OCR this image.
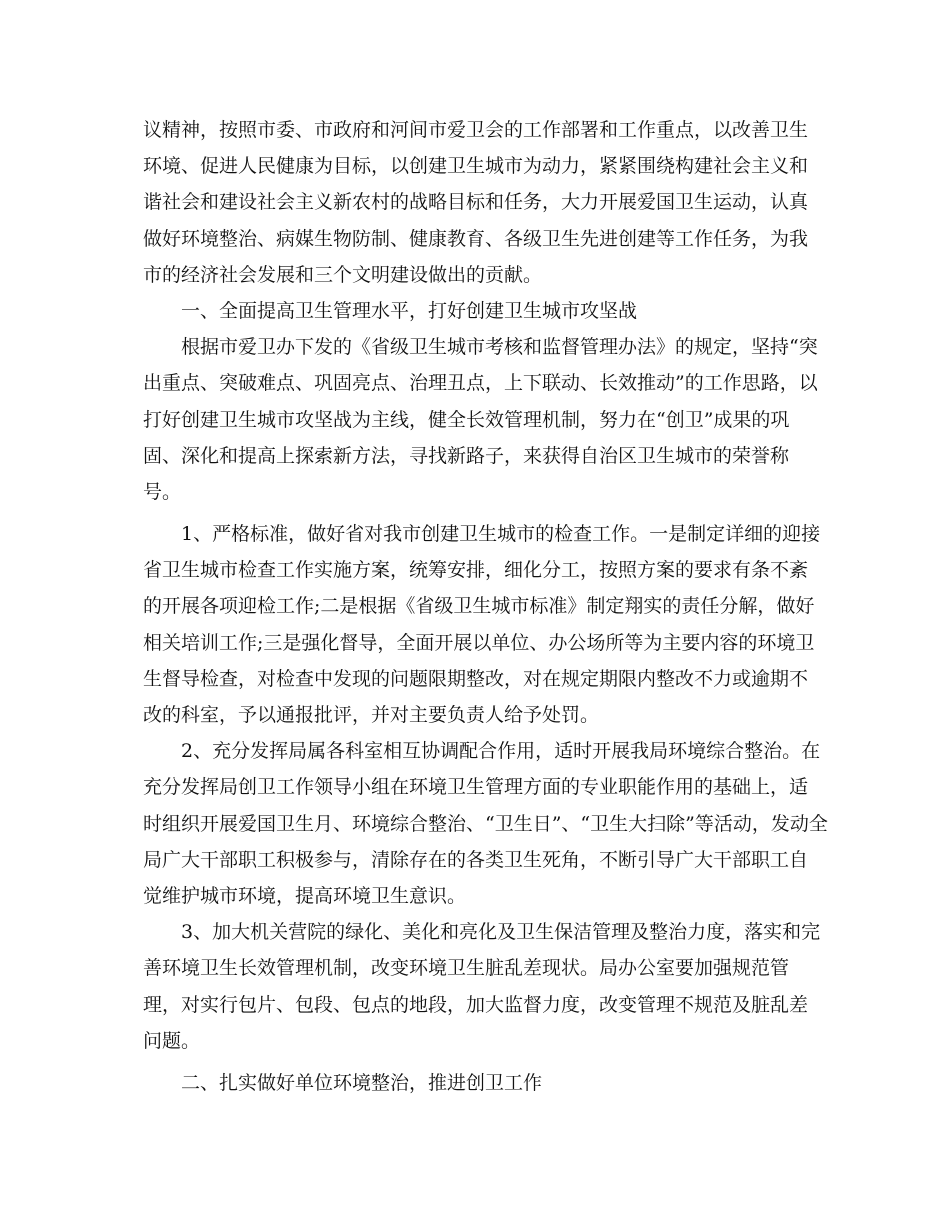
议精神，按照市委、市政府和河间市爱卫会的工作部署和工作重点，以改善卫生
环境、促进人民健康为目标，以创建卫生城市为动力，紧紧围绕构建社会主义和
谐社会和建设社会主义新农村的战略目标和任务，大力开展爱国卫生运动，认真
做好环境整治、病媒生物防制、健康教育、各级卫生先进创建等工作任务，为我
市的经济社会发展和三个文明建设做出的贡献。
一、全面提高卫生管理水平，打好创建卫生城市攻坚战
根据市爱卫办下发的《省级卫生城市考核和监督管理办法》的规定，坚持“突
出重点、突破难点、巩固亮点、治理丑点，上下联动、长效推动”的工作思路，以
打好创建卫生城市攻坚战为主线，健全长效管理机制，努力在“创卫”成果的巩
固、深化和提高上探索新方法，寻找新路子，来获得自治区卫生城市的荣誉称
号。
1、严格标准，做好省对我市创建卫生城市的检查工作。一是制定详细的迎接
省卫生城市检查工作实施方案，统筹安排，细化分工，按照方案的要求有条不紊
的开展各项迎检工作;二是根据《省级卫生城市标准》制定翔实的责任分解，做好
相关培训工作;三是强化督导，全面开展以单位、办公场所等为主要内容的环境卫
生督导检查，对检查中发现的问题限期整改，对在规定期限内整改不力或逾期不
改的科室，予以通报批评，并对主要负责人给予处罚。
2、充分发挥局属各科室相互协调配合作用，适时开展我局环境综合整治。在
充分发挥局创卫工作领导小组在环境卫生管理方面的专业职能作用的基础上，适
时组织开展爱国卫生月、环境综合整治、“卫生日”、“卫生大扫除”等活动，发动全
局广大干部职工积极参与，清除存在的各类卫生死角，不断引导广大干部职工自
觉维护城市环境，提高环境卫生意识。
3、加大机关营院的绿化、美化和亮化及卫生保洁管理及整治力度，落实和完
善环境卫生长效管理机制，改变环境卫生脏乱差现状。局办公室要加强规范管
理，对实行包片、包段、包点的地段，加大监督力度，改变管理不规范及脏乱差
问题。
二、扎实做好单位环境整治，推进创卫工作
